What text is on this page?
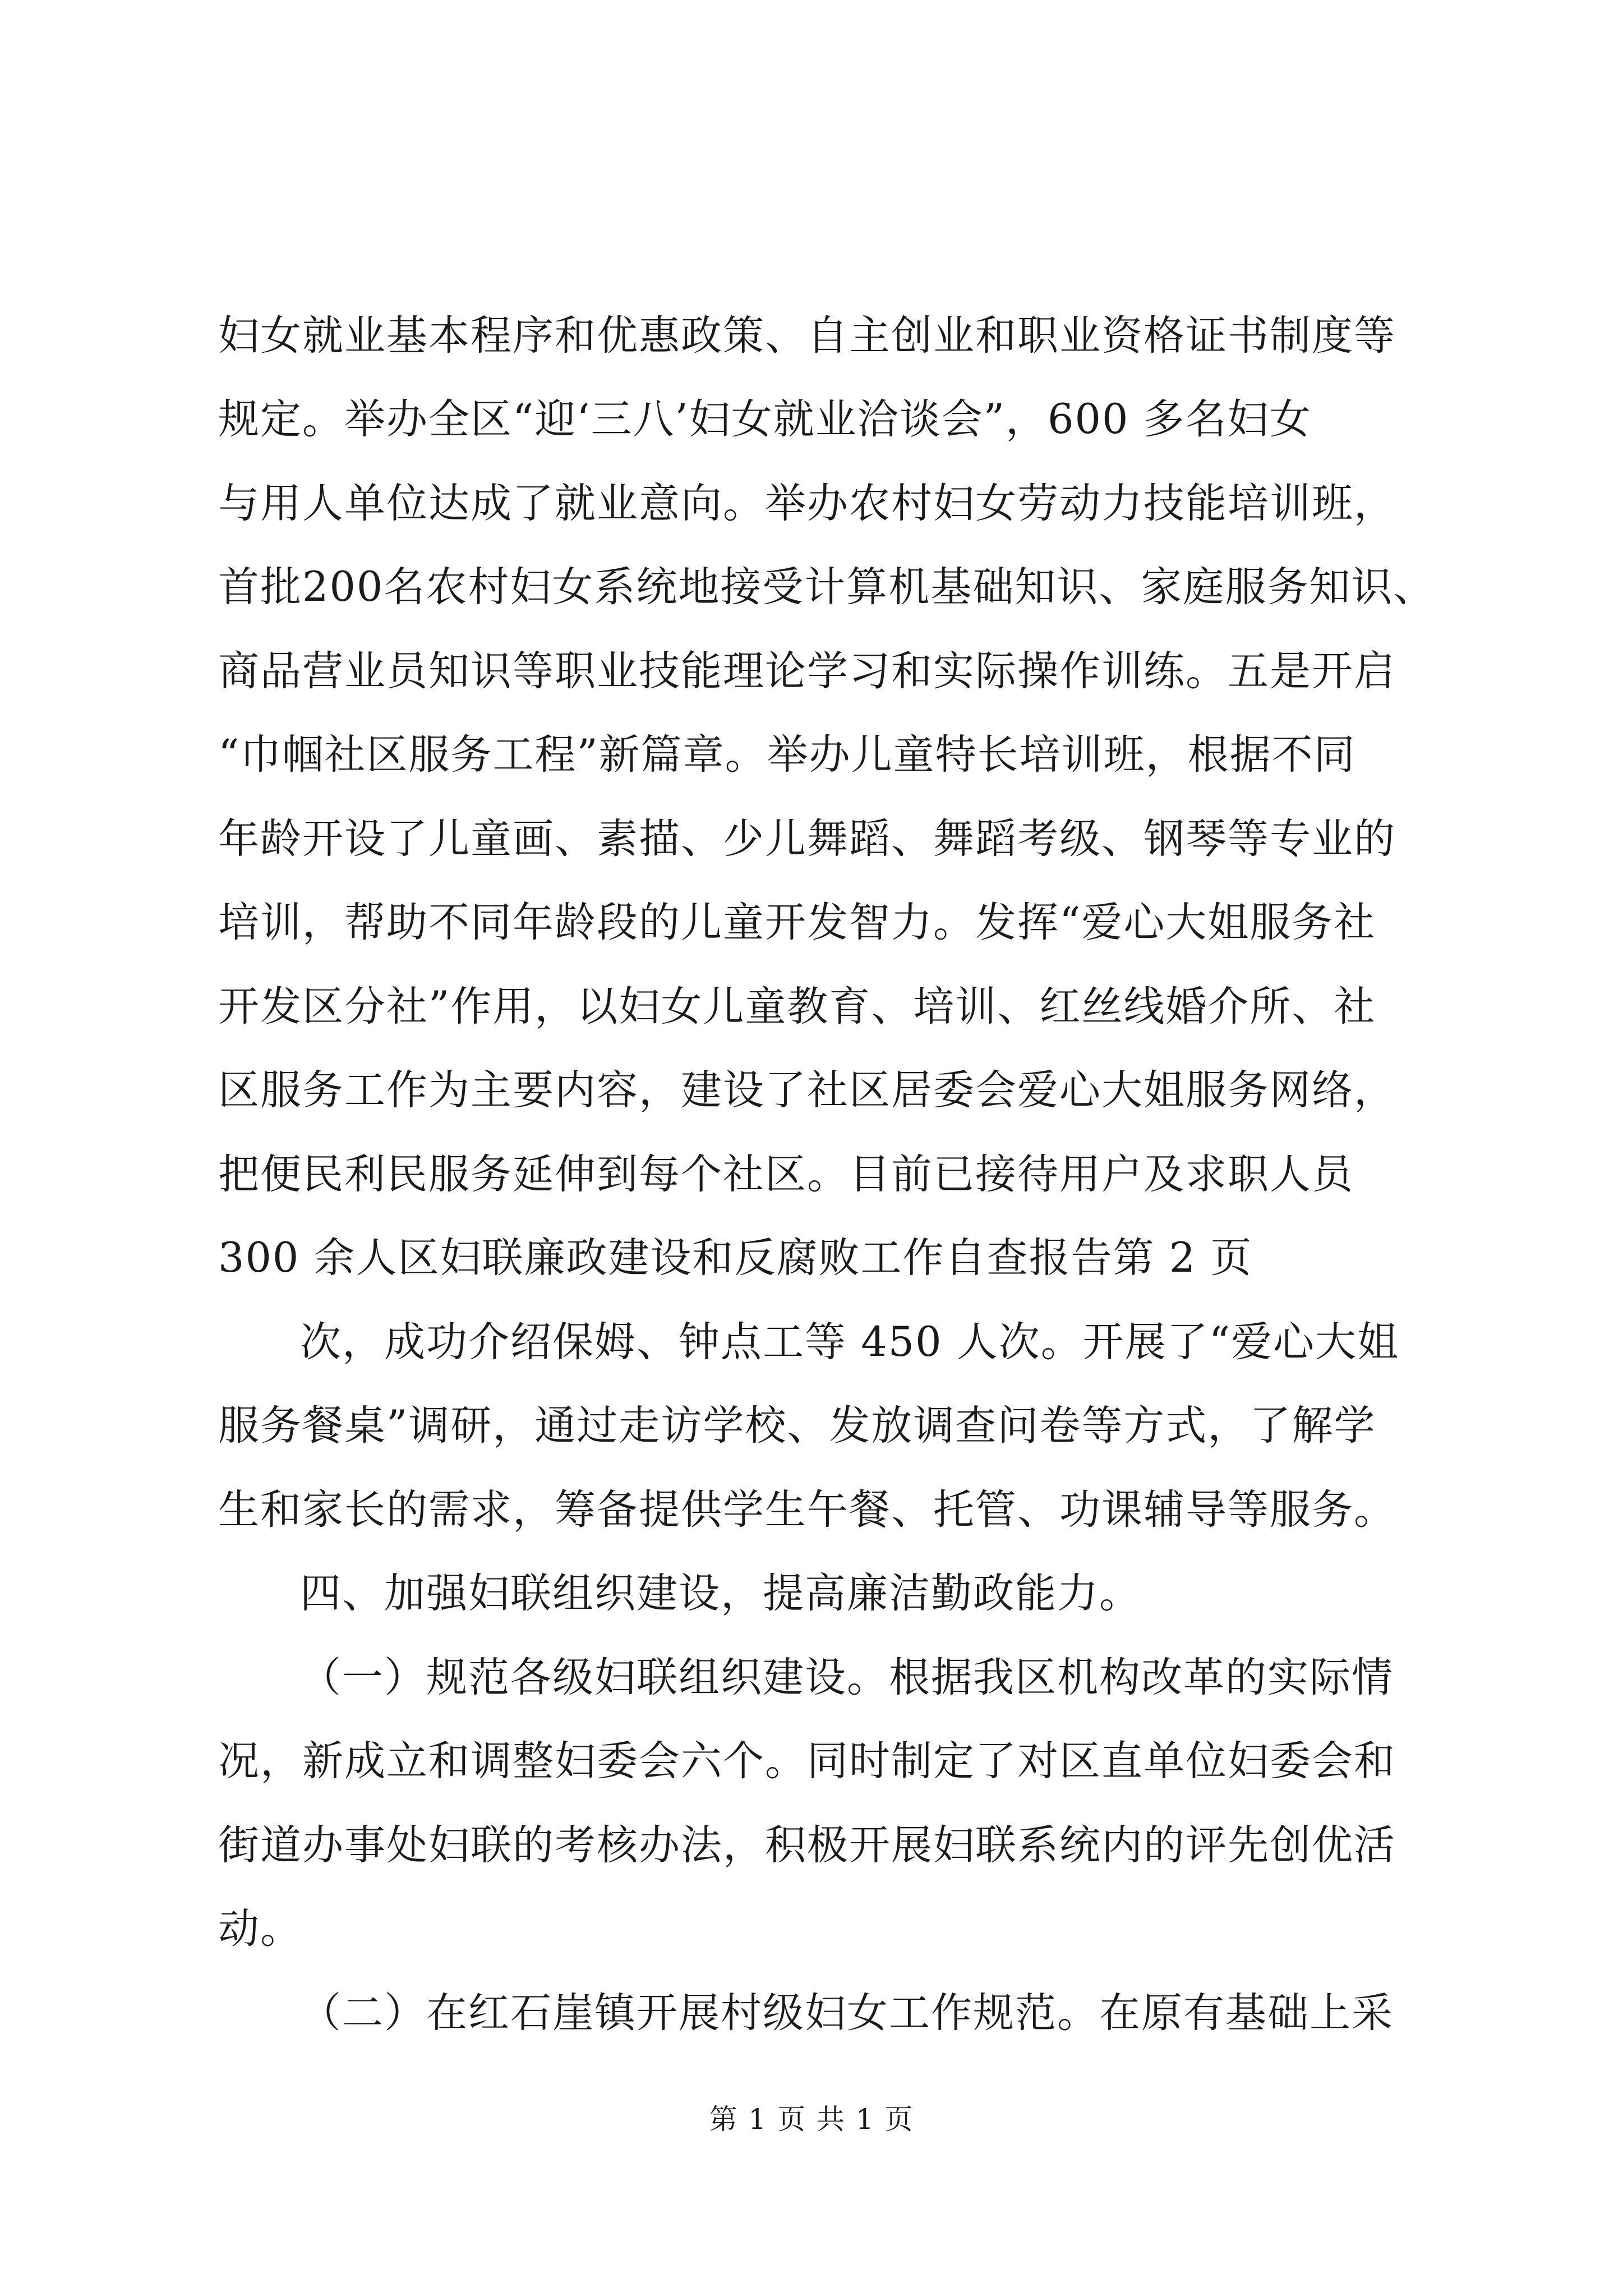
妇女就业基本程序和优惠政策、自主创业和职业资格证书制度等
规定。举办全区“迎‘三八’妇女就业洽谈会”，600 多名妇女
与用人单位达成了就业意向。举办农村妇女劳动力技能培训班，
首批200名农村妇女系统地接受计算机基础知识、家庭服务知识、
商品营业员知识等职业技能理论学习和实际操作训练。五是开启
“巾帼社区服务工程”新篇章。举办儿童特长培训班，根据不同
年龄开设了儿童画、素描、少儿舞蹈、舞蹈考级、钢琴等专业的
培训，帮助不同年龄段的儿童开发智力。发挥“爱心大姐服务社
开发区分社”作用，以妇女儿童教育、培训、红丝线婚介所、社
区服务工作为主要内容，建设了社区居委会爱心大姐服务网络，
把便民利民服务延伸到每个社区。目前已接待用户及求职人员
300 余人区妇联廉政建设和反腐败工作自查报告第 2 页
次，成功介绍保姆、钟点工等 450 人次。开展了“爱心大姐
服务餐桌”调研，通过走访学校、发放调查问卷等方式，了解学
生和家长的需求，筹备提供学生午餐、托管、功课辅导等服务。
四、加强妇联组织建设，提高廉洁勤政能力。
（一）规范各级妇联组织建设。根据我区机构改革的实际情
况，新成立和调整妇委会六个。同时制定了对区直单位妇委会和
街道办事处妇联的考核办法，积极开展妇联系统内的评先创优活
动。
（二）在红石崖镇开展村级妇女工作规范。在原有基础上采
第 1 页 共 1 页
